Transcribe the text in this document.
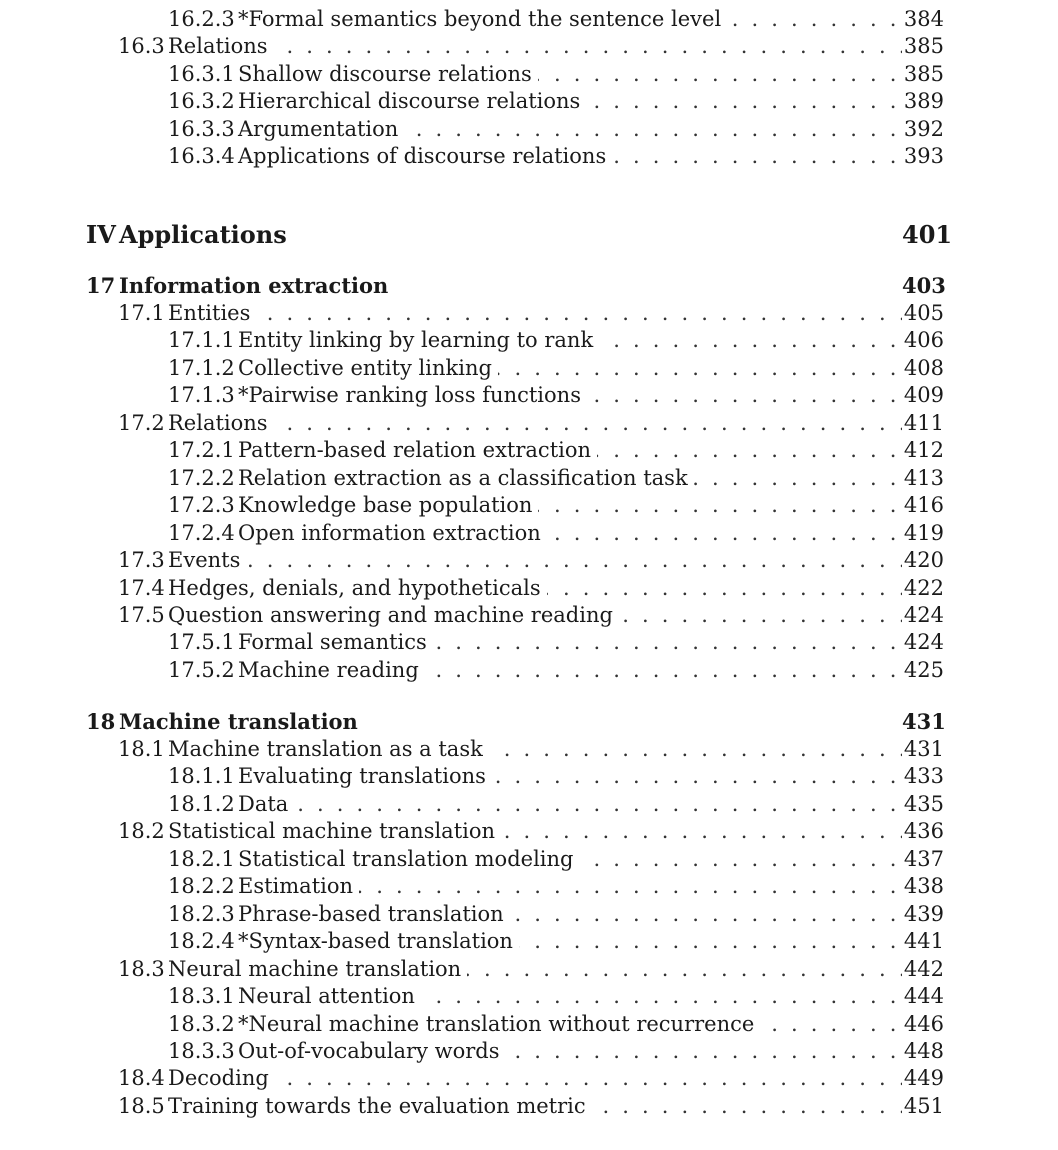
. . .
16.2.3 *Formal semantics beyond the sentence level	384
. . .
16.3 Relations	385
. . .
16.3.1 Shallow discourse relations	385
. . .
16.3.2 Hierarchical discourse relations	389
. . .
16.3.3 Argumentation	392
. . .
16.3.4 Applications of discourse relations	393
IV Applications	401
17 Information extraction	403
. . .
17.1 Entities	405
. . .
17.1.1 Entity linking by learning to rank	406
. . .
17.1.2 Collective entity linking	408
. . .
17.1.3 *Pairwise ranking loss functions	409
. . .
17.2 Relations	411
. . .
17.2.1 Pattern-based relation extraction	412
. . .
17.2.2 Relation extraction as a classification task	413
. . .
17.2.3 Knowledge base population	416
. . .
17.2.4 Open information extraction	419
. . .
17.3 Events	420
. . .
17.4 Hedges, denials, and hypotheticals	422
. . .
17.5 Question answering and machine reading	424
. . .
17.5.1 Formal semantics	424
. . .
17.5.2 Machine reading	425
18 Machine translation	431
. . .
18.1 Machine translation as a task	431
. . .
18.1.1 Evaluating translations	433
. . .
18.1.2 Data	435
. . .
18.2 Statistical machine translation	436
. . .
18.2.1 Statistical translation modeling	437
. . .
18.2.2 Estimation	438
. . .
18.2.3 Phrase-based translation	439
. . .
18.2.4 *Syntax-based translation	441
. . .
18.3 Neural machine translation	442
. . .
18.3.1 Neural attention	444
. . .
18.3.2 *Neural machine translation without recurrence	446
. . .
18.3.3 Out-of-vocabulary words	448
. . .
18.4 Decoding	449
. . .
18.5 Training towards the evaluation metric	451
